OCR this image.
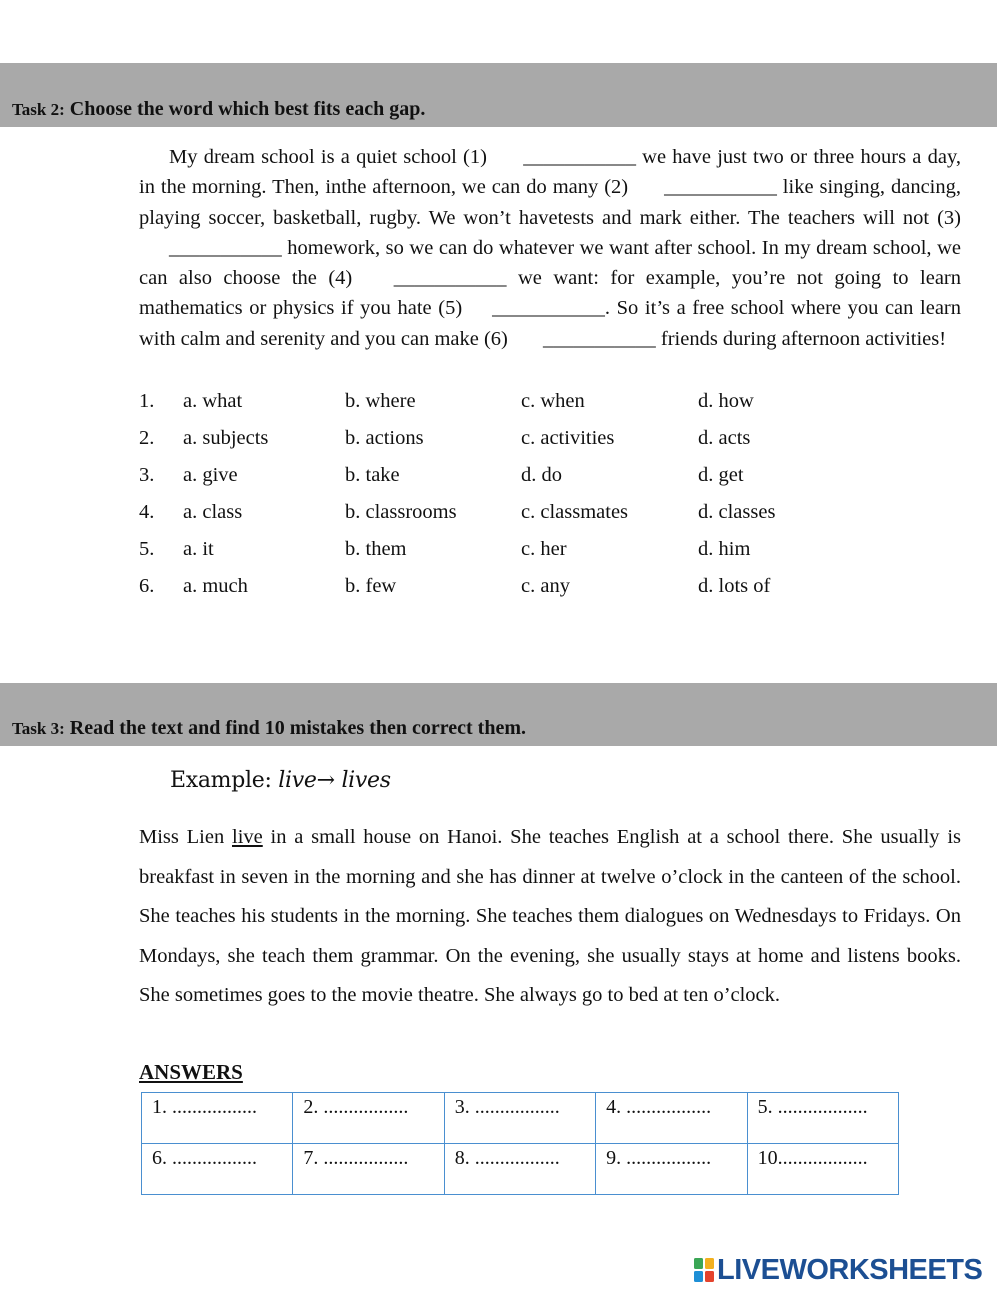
Task 2: Choose the word which best fits each gap.
My dream school is a quiet school (1) ___________ we have just two or three hours a day, in the morning. Then, inthe afternoon, we can do many (2) ___________ like singing, dancing, playing soccer, basketball, rugby. We won’t havetests and mark either. The teachers will not (3) ___________ homework, so we can do whatever we want after school. In my dream school, we can also choose the (4) ___________ we want: for example, you’re not going to learn mathematics or physics if you hate (5) ___________. So it’s a free school where you can learn with calm and serenity and you can make (6) ___________ friends during afternoon activities!
1. a. what	b. where	c. when	d. how
2. a. subjects	b. actions	c. activities	d. acts
3. a. give	b. take	d. do	d. get
4. a. class	b. classrooms	c. classmates	d. classes
5. a. it	b. them	c. her	d. him
6. a. much	b. few	c. any	d. lots of
Task 3: Read the text and find 10 mistakes then correct them.
Example: live→ lives
Miss Lien live in a small house on Hanoi. She teaches English at a school there. She usually is breakfast in seven in the morning and she has dinner at twelve o’clock in the canteen of the school. She teaches his students in the morning. She teaches them dialogues on Wednesdays to Fridays. On Mondays, she teach them grammar. On the evening, she usually stays at home and listens books. She sometimes goes to the movie theatre. She always go to bed at ten o’clock.
ANSWERS
1. .................	2. .................	3. .................	4. .................	5. ..................
6. .................	7. .................	8. .................	9. .................	10..................
LIVEWORKSHEETS
